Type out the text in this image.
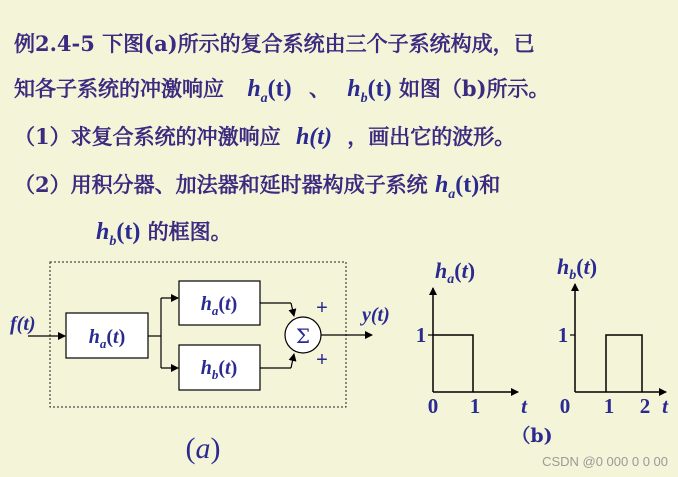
例2.4-5 下图(a)所示的复合系统由三个子系统构成，已
知各子系统的冲激响应 $h_a(t)$ 、 $h_b(t)$ 如图（b)所示。
（1）求复合系统的冲激响应 h(t) ，画出它的波形。
（2）用积分器、加法器和延时器构成子系统 $h_a(t)$和
$h_b(t)$ 的框图。
f(t)
$h_a(t)$
$h_a(t)$
$h_b(t)$
Σ
+
+
y(t)
(a)
$h_a(t)$
1
0 1 t
$h_b(t)$
1
0 1 2 t
（b)
CSDN @0 000 0 0 00
